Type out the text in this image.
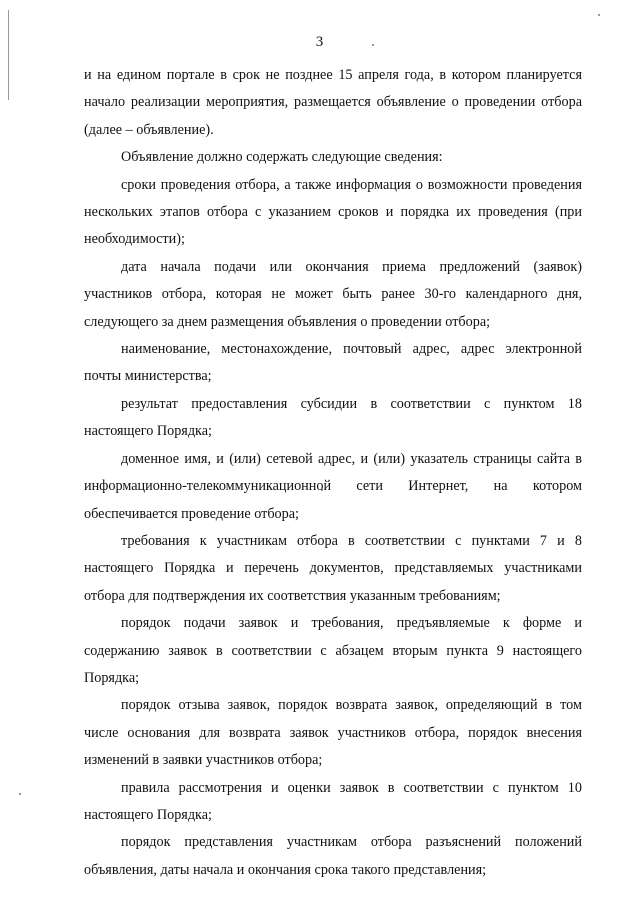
3

и на едином портале в срок не позднее 15 апреля года, в котором планируется начало реализации мероприятия, размещается объявление о проведении отбора (далее – объявление).

Объявление должно содержать следующие сведения:

сроки проведения отбора, а также информация о возможности проведения нескольких этапов отбора с указанием сроков и порядка их проведения (при необходимости);

дата начала подачи или окончания приема предложений (заявок) участников отбора, которая не может быть ранее 30-го календарного дня, следующего за днем размещения объявления о проведении отбора;

наименование, местонахождение, почтовый адрес, адрес электронной почты министерства;

результат предоставления субсидии в соответствии с пунктом 18 настоящего Порядка;

доменное имя, и (или) сетевой адрес, и (или) указатель страницы сайта в информационно-телекоммуникационной сети Интернет, на котором обеспечивается проведение отбора;

требования к участникам отбора в соответствии с пунктами 7 и 8 настоящего Порядка и перечень документов, представляемых участниками отбора для подтверждения их соответствия указанным требованиям;

порядок подачи заявок и требования, предъявляемые к форме и содержанию заявок в соответствии с абзацем вторым пункта 9 настоящего Порядка;

порядок отзыва заявок, порядок возврата заявок, определяющий в том числе основания для возврата заявок участников отбора, порядок внесения изменений в заявки участников отбора;

правила рассмотрения и оценки заявок в соответствии с пунктом 10 настоящего Порядка;

порядок представления участникам отбора разъяснений положений объявления, даты начала и окончания срока такого представления;
